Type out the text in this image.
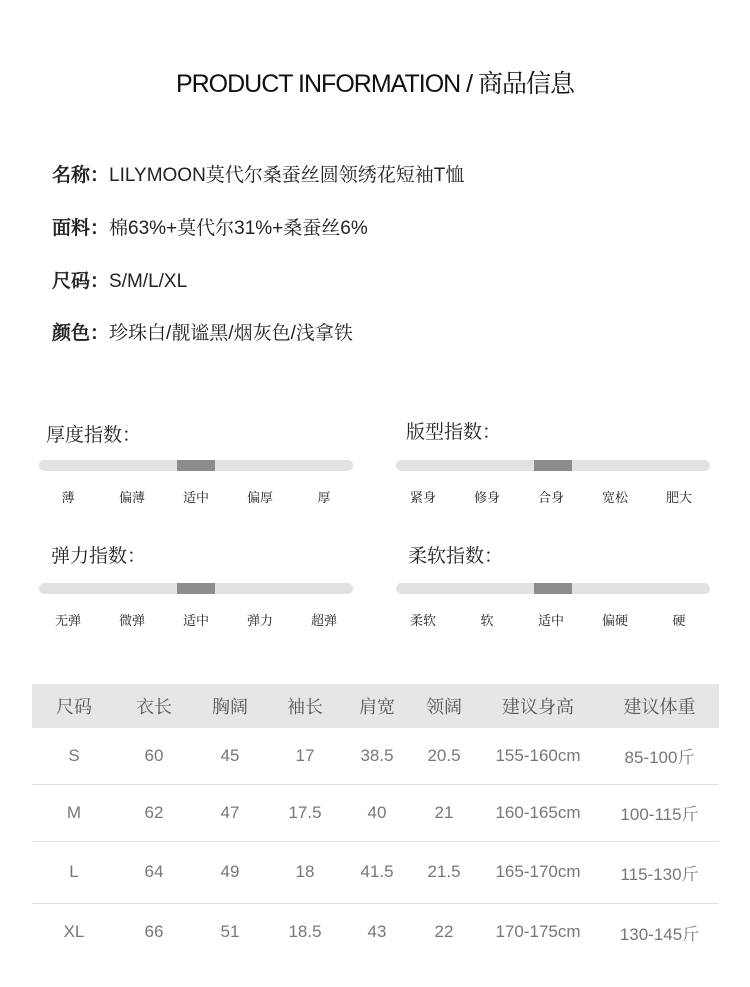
PRODUCT INFORMATION / 商品信息
名称：LILYMOON莫代尔桑蚕丝圆领绣花短袖T恤
面料：棉63%+莫代尔31%+桑蚕丝6%
尺码：S/M/L/XL
颜色：珍珠白/靓谧黑/烟灰色/浅拿铁
厚度指数：
薄	偏薄	适中	偏厚	厚
版型指数：
紧身	修身	合身	宽松	肥大
弹力指数：
无弹	微弹	适中	弹力	超弹
柔软指数：
柔软	软	适中	偏硬	硬
尺码	衣长	胸阔	袖长	肩宽	领阔	建议身高	建议体重
S	60	45	17	38.5	20.5	155-160cm	85-100斤
M	62	47	17.5	40	21	160-165cm	100-115斤
L	64	49	18	41.5	21.5	165-170cm	115-130斤
XL	66	51	18.5	43	22	170-175cm	130-145斤
